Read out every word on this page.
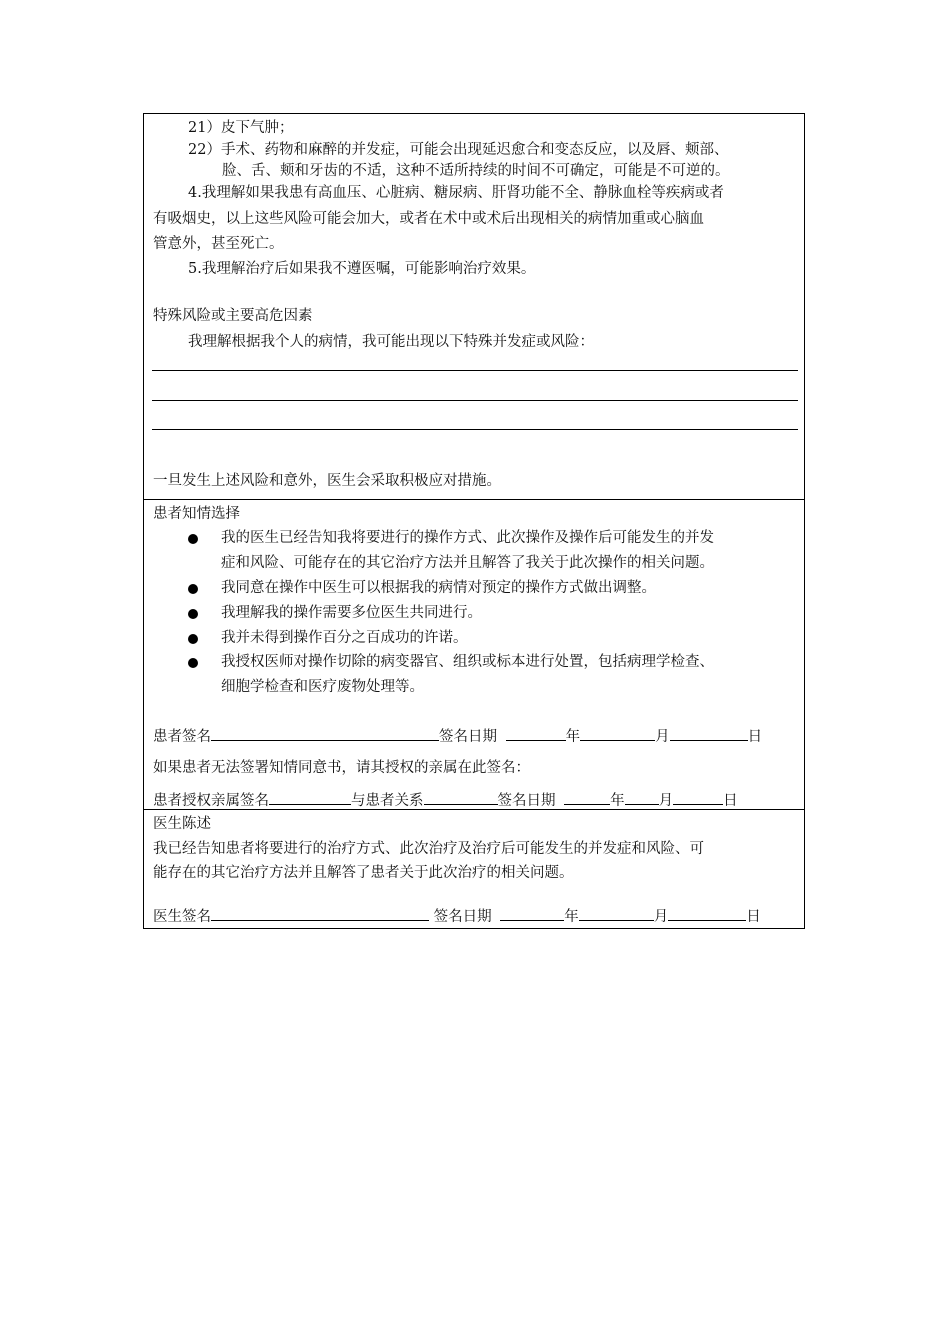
21）皮下气肿；
22）手术、药物和麻醉的并发症，可能会出现延迟愈合和变态反应，以及唇、颊部、
脸、舌、颊和牙齿的不适，这种不适所持续的时间不可确定，可能是不可逆的。
4.我理解如果我患有高血压、心脏病、糖尿病、肝肾功能不全、静脉血栓等疾病或者
有吸烟史，以上这些风险可能会加大，或者在术中或术后出现相关的病情加重或心脑血
管意外，甚至死亡。
5.我理解治疗后如果我不遵医嘱，可能影响治疗效果。
特殊风险或主要高危因素
我理解根据我个人的病情，我可能出现以下特殊并发症或风险：
一旦发生上述风险和意外，医生会采取积极应对措施。
患者知情选择
我的医生已经告知我将要进行的操作方式、此次操作及操作后可能发生的并发
症和风险、可能存在的其它治疗方法并且解答了我关于此次操作的相关问题。
我同意在操作中医生可以根据我的病情对预定的操作方式做出调整。
我理解我的操作需要多位医生共同进行。
我并未得到操作百分之百成功的许诺。
我授权医师对操作切除的病变器官、组织或标本进行处置，包括病理学检查、
细胞学检查和医疗废物处理等。
患者签名	签名日期	年	月	日
如果患者无法签署知情同意书，请其授权的亲属在此签名：
患者授权亲属签名	与患者关系	签名日期	年 月	日
医生陈述
我已经告知患者将要进行的治疗方式、此次治疗及治疗后可能发生的并发症和风险、可
能存在的其它治疗方法并且解答了患者关于此次治疗的相关问题。
医生签名	签名日期	年	月	日
